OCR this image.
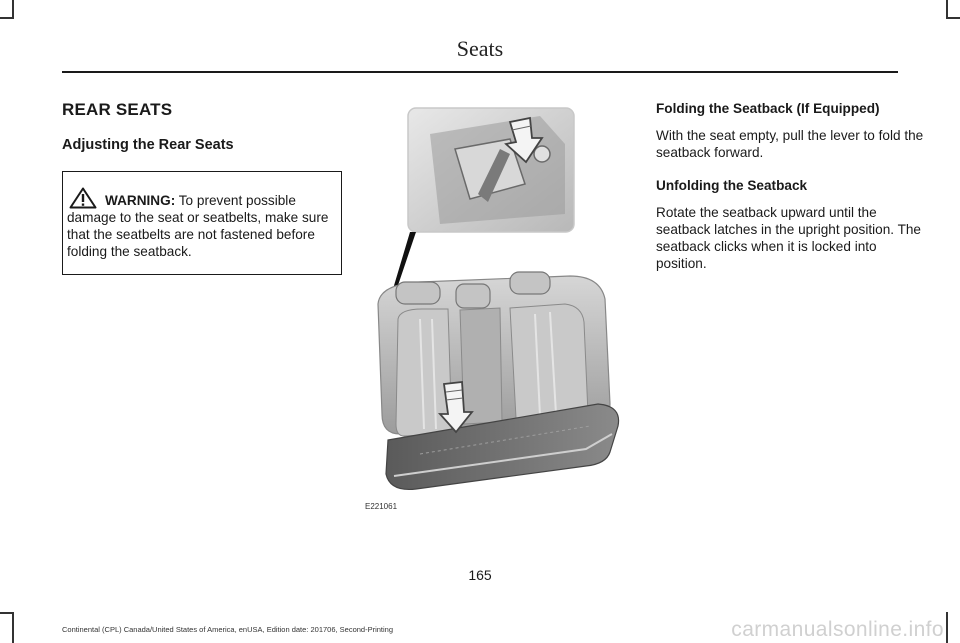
Seats
REAR SEATS
Adjusting the Rear Seats
WARNING: To prevent possible
damage to the seat or seatbelts, make sure that the seatbelts are not fastened before folding the seatback.
E221061
Folding the Seatback (If Equipped)

With the seat empty, pull the lever to fold the seatback forward.

Unfolding the Seatback

Rotate the seatback upward until the seatback latches in the upright position. The seatback clicks when it is locked into position.

165
Continental (CPL) Canada/United States of America, enUSA, Edition date: 201706, Second-Printing	carmanualsonline.info
